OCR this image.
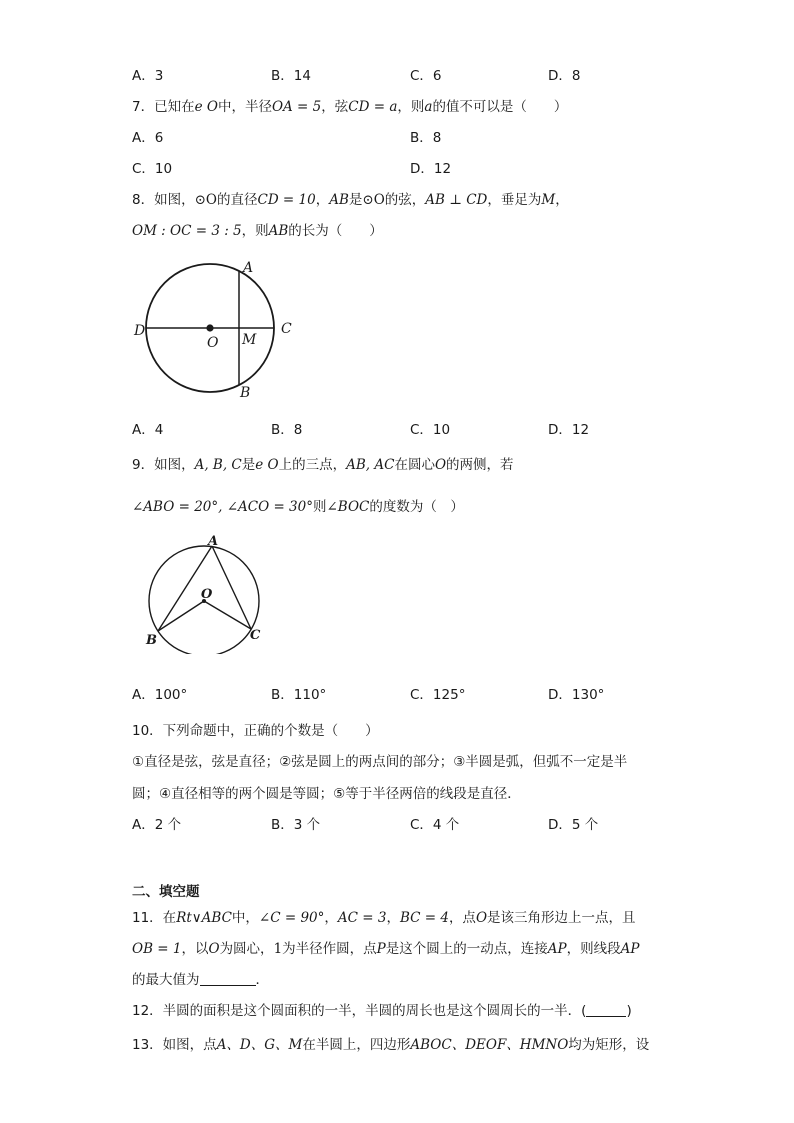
A．3	B．14	C．6	D．8
7．已知在e O中，半径OA = 5，弦CD = a，则a的值不可以是（　　）
A．6	B．8
C．10	D．12
8．如图，⊙O的直径CD = 10，AB是⊙O的弦，AB ⊥ CD，垂足为M，
OM : OC = 3 : 5，则AB的长为（　　）
A
B
C
D
O M
A．4	B．8	C．10	D．12
9．如图，A, B, C是e O上的三点，AB, AC在圆心O的两侧，若
∠ABO = 20°, ∠ACO = 30°则∠BOC的度数为（　）
A
B	C
O
A．100°	B．110°	C．125°	D．130°
10．下列命题中，正确的个数是（　　）
①直径是弦，弦是直径；②弦是圆上的两点间的部分；③半圆是弧，但弧不一定是半
圆；④直径相等的两个圆是等圆；⑤等于半径两倍的线段是直径．
A．2 个	B．3 个	C．4 个	D．5 个
二、填空题
11．在Rt∨ABC中，∠C = 90°，AC = 3，BC = 4，点O是该三角形边上一点，且
OB = 1，以O为圆心，1为半径作圆，点P是这个圆上的一动点，连接AP，则线段AP
的最大值为	．
12．半圆的面积是这个圆面积的一半，半圆的周长也是这个圆周长的一半．(	)
13．如图，点A、D、G、M在半圆上，四边形ABOC、DEOF、HMNO均为矩形，设
